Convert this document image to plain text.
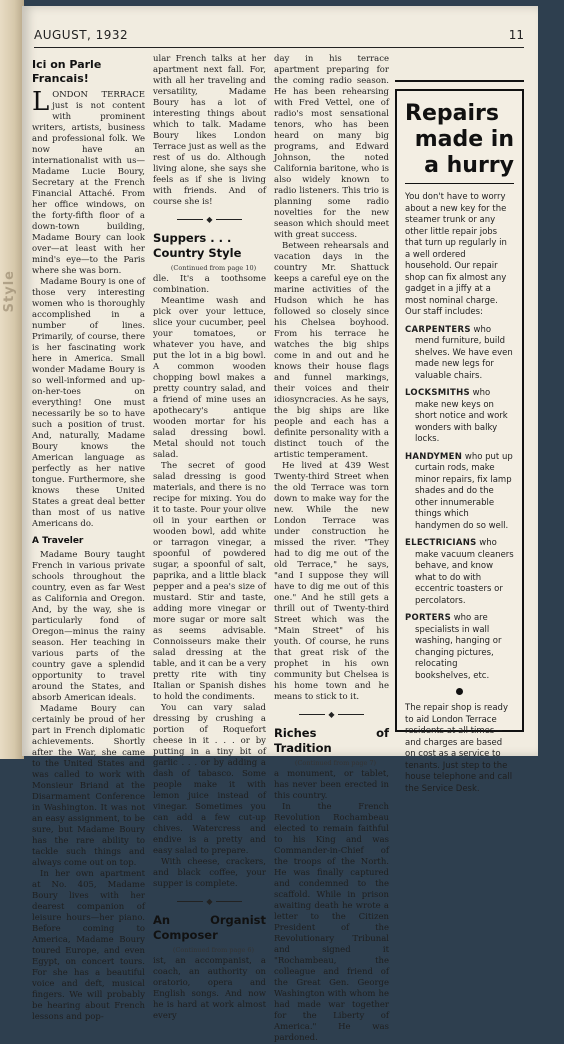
Style
AUGUST, 1932	11
Ici on Parle
Francais!

LONDON TERRACE just is not content with prominent writers, artists, business and professional folk. We now have an internationalist with us—Madame Lucie Boury, Secretary at the French Financial Attaché. From her office windows, on the forty-fifth floor of a down-town building, Madame Boury can look over—at least with her mind's eye—to the Paris where she was born.

Madame Boury is one of those very interesting women who is thoroughly accomplished in a number of lines. Primarily, of course, there is her fascinating work here in America. Small wonder Madame Boury is so well-informed and up-on-her-toes on everything! One must necessarily be so to have such a position of trust. And, naturally, Madame Boury knows the American language as perfectly as her native tongue. Furthermore, she knows these United States a great deal better than most of us native Americans do.

A Traveler

Madame Boury taught French in various private schools throughout the country, even as far West as California and Oregon. And, by the way, she is particularly fond of Oregon—minus the rainy season. Her teaching in various parts of the country gave a splendid opportunity to travel around the States, and absorb American ideals.

Madame Boury can certainly be proud of her part in French diplomatic achievements. Shortly after the War, she came to the United States and was called to work with Monsieur Briand at the Disarmament Conference in Washington. It was not an easy assignment, to be sure, but Madame Boury has the rare ability to tackle such things and always come out on top.

In her own apartment at No. 405, Madame Boury lives with her dearest companion of leisure hours—her piano. Before coming to America, Madame Boury toured Europe, and even Egypt, on concert tours. For she has a beautiful voice and deft, musical fingers. We will probably be hearing about French lessons and pop-

ular French talks at her apartment next fall. For, with all her traveling and versatility, Madame Boury has a lot of interesting things about which to talk. Madame Boury likes London Terrace just as well as the rest of us do. Although living alone, she says she feels as if she is living with friends. And of course she is!

◆
Suppers . . .
Country Style

(Continued from page 10)

dle. It's a toothsome combination.

Meantime wash and pick over your lettuce, slice your cucumber, peel your tomatoes, or whatever you have, and put the lot in a big bowl. A common wooden chopping bowl makes a pretty country salad, and a friend of mine uses an apothecary's antique wooden mortar for his salad dressing bowl. Metal should not touch salad.

The secret of good salad dressing is good materials, and there is no recipe for mixing. You do it to taste. Pour your olive oil in your earthen or wooden bowl, add white or tarragon vinegar, a spoonful of powdered sugar, a spoonful of salt, paprika, and a little black pepper and a pea's size of mustard. Stir and taste, adding more vinegar or more sugar or more salt as seems advisable. Connoisseurs make their salad dressing at the table, and it can be a very pretty rite with tiny Italian or Spanish dishes to hold the condiments.

You can vary salad dressing by crushing a portion of Roquefort cheese in it . . . or by putting in a tiny bit of garlic . . . or by adding a dash of tabasco. Some people make it with lemon juice instead of vinegar. Sometimes you can add a few cut-up chives. Watercress and endive is a pretty and easy salad to prepare.

With cheese, crackers, and black coffee, your supper is complete.

◆
An Organist Composer

(Continued from page 6)

ist, an accompanist, a coach, an authority on oratorio, opera and English songs. And now he is hard at work almost every

day in his terrace apartment preparing for the coming radio season. He has been rehearsing with Fred Vettel, one of radio's most sensational tenors, who has been heard on many big programs, and Edward Johnson, the noted California baritone, who is also widely known to radio listeners. This trio is planning some radio novelties for the new season which should meet with great success.

Between rehearsals and vacation days in the country Mr. Shattuck keeps a careful eye on the marine activities of the Hudson which he has followed so closely since his Chelsea boyhood. From his terrace he watches the big ships come in and out and he knows their house flags and funnel markings, their voices and their idiosyncracies. As he says, the big ships are like people and each has a definite personality with a distinct touch of the artistic temperament.

He lived at 439 West Twenty-third Street when the old Terrace was torn down to make way for the new. While the new London Terrace was under construction he missed the river. "They had to dig me out of the old Terrace," he says, "and I suppose they will have to dig me out of this one." And he still gets a thrill out of Twenty-third Street which was the "Main Street" of his youth. Of course, he runs that great risk of the prophet in his own community but Chelsea is his home town and he means to stick to it.

◆
Riches of Tradition

(Continued from page 7)

a monument, or tablet, has never been erected in this country.

In the French Revolution Rochambeau elected to remain faithful to his King and was Commander-in-Chief of the troops of the North. He was finally captured and condemned to the scaffold. While in prison awaiting death he wrote a letter to the Citizen President of the Revolutionary Tribunal and signed it "Rochambeau, the colleague and friend of the Great Gen. George Washington with whom he had made war together for the Liberty of America." He was pardoned.

Repairs
made in
a hurry

You don't have to worry about a new key for the steamer trunk or any other little repair jobs that turn up regularly in a well ordered household. Our repair shop can fix almost any gadget in a jiffy at a most nominal charge. Our staff includes:

CARPENTERS who mend furniture, build shelves. We have even made new legs for valuable chairs.

LOCKSMITHS who make new keys on short notice and work wonders with balky locks.

HANDYMEN who put up curtain rods, make minor repairs, fix lamp shades and do the other innumerable things which handymen do so well.

ELECTRICIANS who make vacuum cleaners behave, and know what to do with eccentric toasters or percolators.

PORTERS who are specialists in wall washing, hanging or changing pictures, relocating bookshelves, etc.

The repair shop is ready to aid London Terrace residents at all times—and charges are based on cost as a service to tenants. Just step to the house telephone and call the Service Desk.
